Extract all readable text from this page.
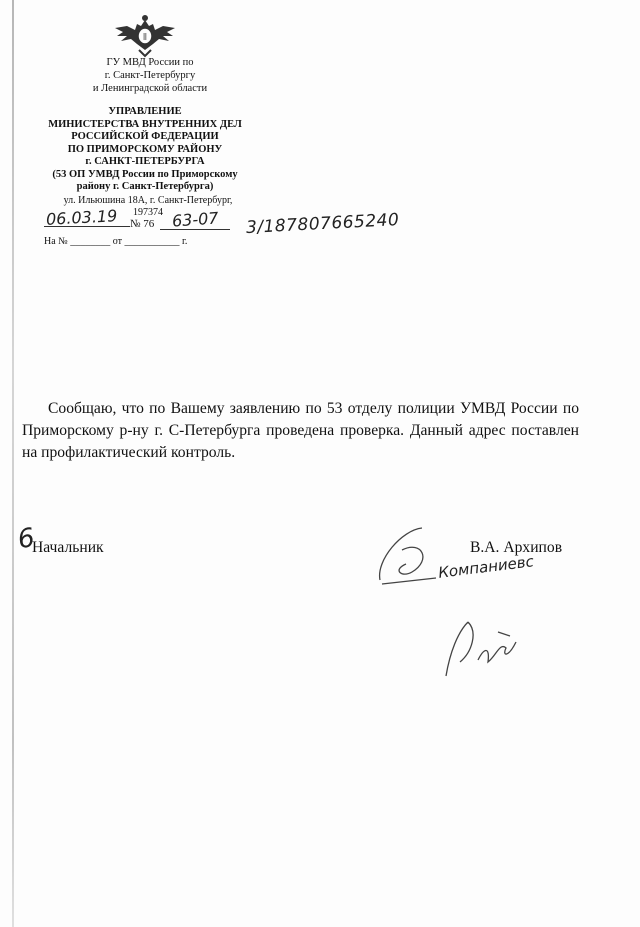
ǁ
ГУ МВД России по
г. Санкт-Петербургу
и Ленинградской области
УПРАВЛЕНИЕ
МИНИСТЕРСТВА ВНУТРЕННИХ ДЕЛ
РОССИЙСКОЙ ФЕДЕРАЦИИ
ПО ПРИМОРСКОМУ РАЙОНУ
г. САНКТ-ПЕТЕРБУРГА
(53 ОП УМВД России по Приморскому
району г. Санкт-Петербурга)
ул. Ильюшина 18А, г. Санкт-Петербург,
197374
06.03.19 № 76 63-07 3/187807665240
На № ________ от ___________ г.
Сообщаю, что по Вашему заявлению по 53 отделу полиции УМВД России по Приморскому р-ну г. С-Петербурга проведена проверка. Данный адрес поставлен на профилактический контроль.
6
Начальник	В.А. Архипов
Компаниевс
